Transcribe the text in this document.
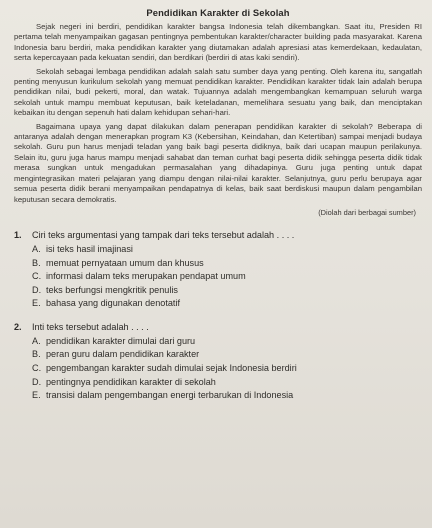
Pendidikan Karakter di Sekolah

Sejak negeri ini berdiri, pendidikan karakter bangsa Indonesia telah dikembangkan. Saat itu, Presiden RI pertama telah menyampaikan gagasan pentingnya pembentukan karakter/character building pada masyarakat. Karena Indonesia baru berdiri, maka pendidikan karakter yang diutamakan adalah apresiasi atas kemerdekaan, kedaulatan, serta kepercayaan pada kekuatan sendiri, dan berdikari (berdiri di atas kaki sendiri).

Sekolah sebagai lembaga pendidikan adalah salah satu sumber daya yang penting. Oleh karena itu, sangatlah penting menyusun kurikulum sekolah yang memuat pendidikan karakter. Pendidikan karakter tidak lain adalah berupa pendidikan nilai, budi pekerti, moral, dan watak. Tujuannya adalah mengembangkan kemampuan seluruh warga sekolah untuk mampu membuat keputusan, baik keteladanan, memelihara sesuatu yang baik, dan menciptakan kebaikan itu dengan sepenuh hati dalam kehidupan sehari-hari.

Bagaimana upaya yang dapat dilakukan dalam penerapan pendidikan karakter di sekolah? Beberapa di antaranya adalah dengan menerapkan program K3 (Kebersihan, Keindahan, dan Ketertiban) sampai menjadi budaya sekolah. Guru pun harus menjadi teladan yang baik bagi peserta didiknya, baik dari ucapan maupun perilakunya. Selain itu, guru juga harus mampu menjadi sahabat dan teman curhat bagi peserta didik sehingga peserta didik tidak merasa sungkan untuk mengadukan permasalahan yang dihadapinya. Guru juga penting untuk dapat mengintegrasikan materi pelajaran yang diampu dengan nilai-nilai karakter. Selanjutnya, guru perlu berupaya agar semua peserta didik berani menyampaikan pendapatnya di kelas, baik saat berdiskusi maupun dalam pengambilan keputusan secara demokratis.

(Diolah dari berbagai sumber)
1.	Ciri teks argumentasi yang tampak dari teks tersebut adalah . . . .
A. isi teks hasil imajinasi
B. memuat pernyataan umum dan khusus
C. informasi dalam teks merupakan pendapat umum
D. teks berfungsi mengkritik penulis
E. bahasa yang digunakan denotatif
2.	Inti teks tersebut adalah . . . .
A. pendidikan karakter dimulai dari guru
B. peran guru dalam pendidikan karakter
C. pengembangan karakter sudah dimulai sejak Indonesia berdiri
D. pentingnya pendidikan karakter di sekolah
E. transisi dalam pengembangan energi terbarukan di Indonesia
